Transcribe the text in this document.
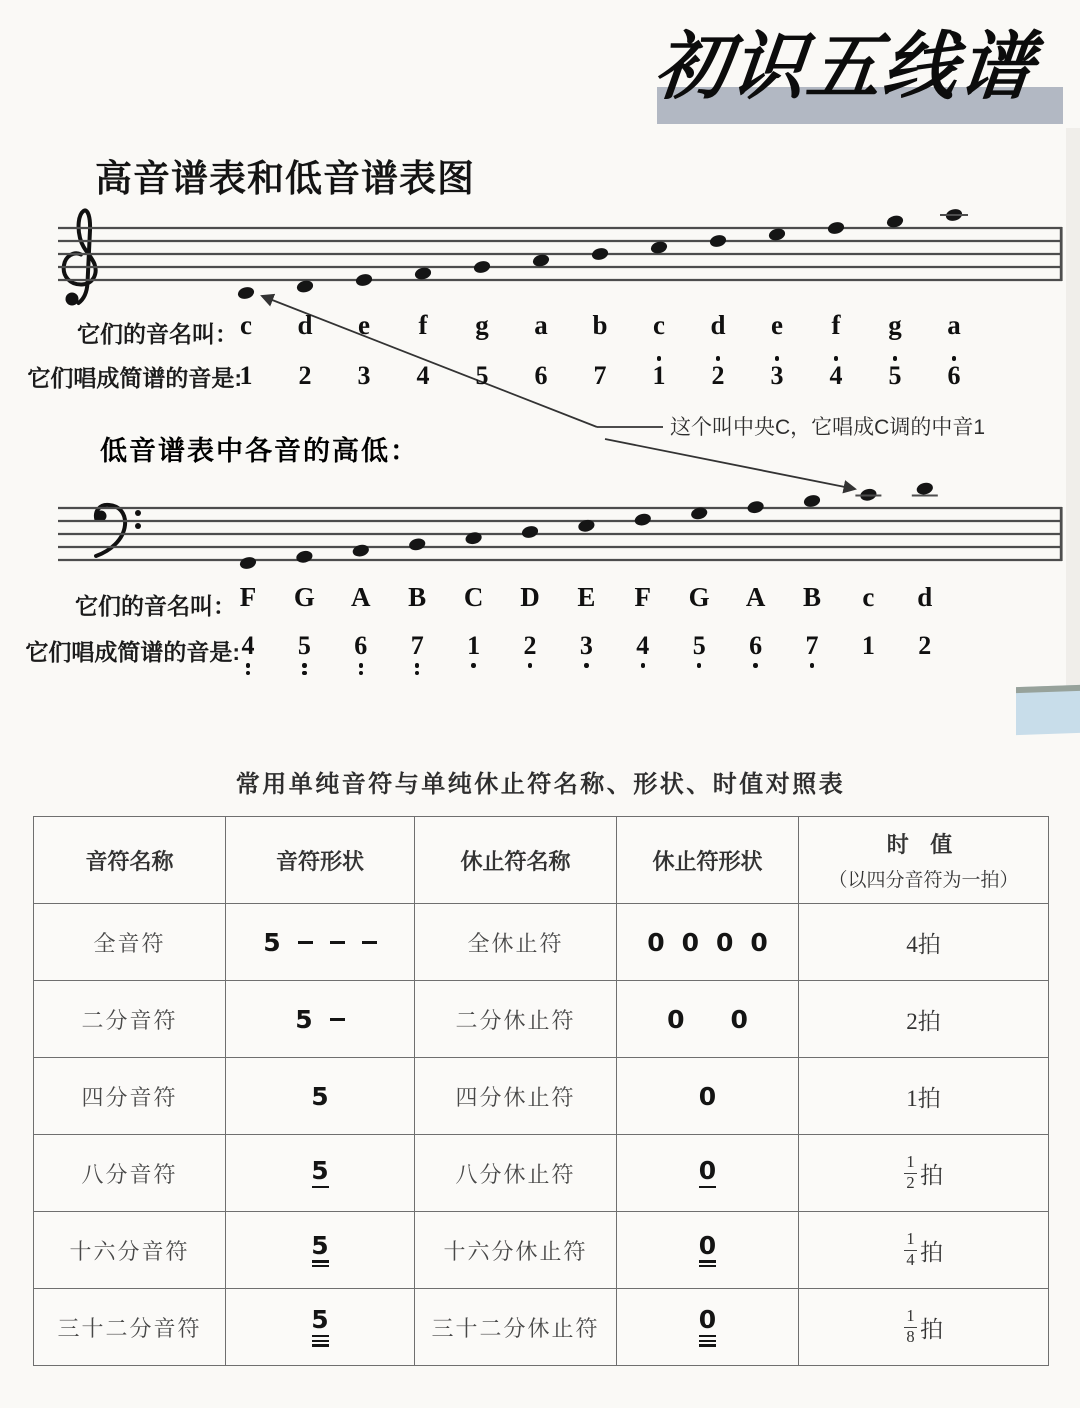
初识五线谱
高音谱表和低音谱表图
它们的音名叫： c	d	e	f	g	a	b	c	d	e	f	g	a
它们唱成简谱的音是:
1	2	3	4	5	6	7	1	2	3	4	5	6
这个叫中央C，它唱成C调的中音1
低音谱表中各音的高低：
它们的音名叫： F	G	A	B	C	D	E	F	G	A	B	c	d
它们唱成简谱的音是: 4	5	6	7	1	2	3	4	5	6	7	1	2
常用单纯音符与单纯休止符名称、形状、时值对照表
音符名称	音符形状	休止符名称	休止符形状	时 值
（以四分音符为一拍）

全音符	5	全休止符	0 0 0 0	4拍

二分音符	5	二分休止符	0 0	2拍

四分音符	5	四分休止符	0	1拍

八分音符	5	八分休止符	0	$\frac{1}{2}$ 拍

十六分音符	5	十六分休止符	0	$\frac{1}{4}$ 拍

三十二分音符	5	三十二分休止符	0	$\frac{1}{8}$ 拍
